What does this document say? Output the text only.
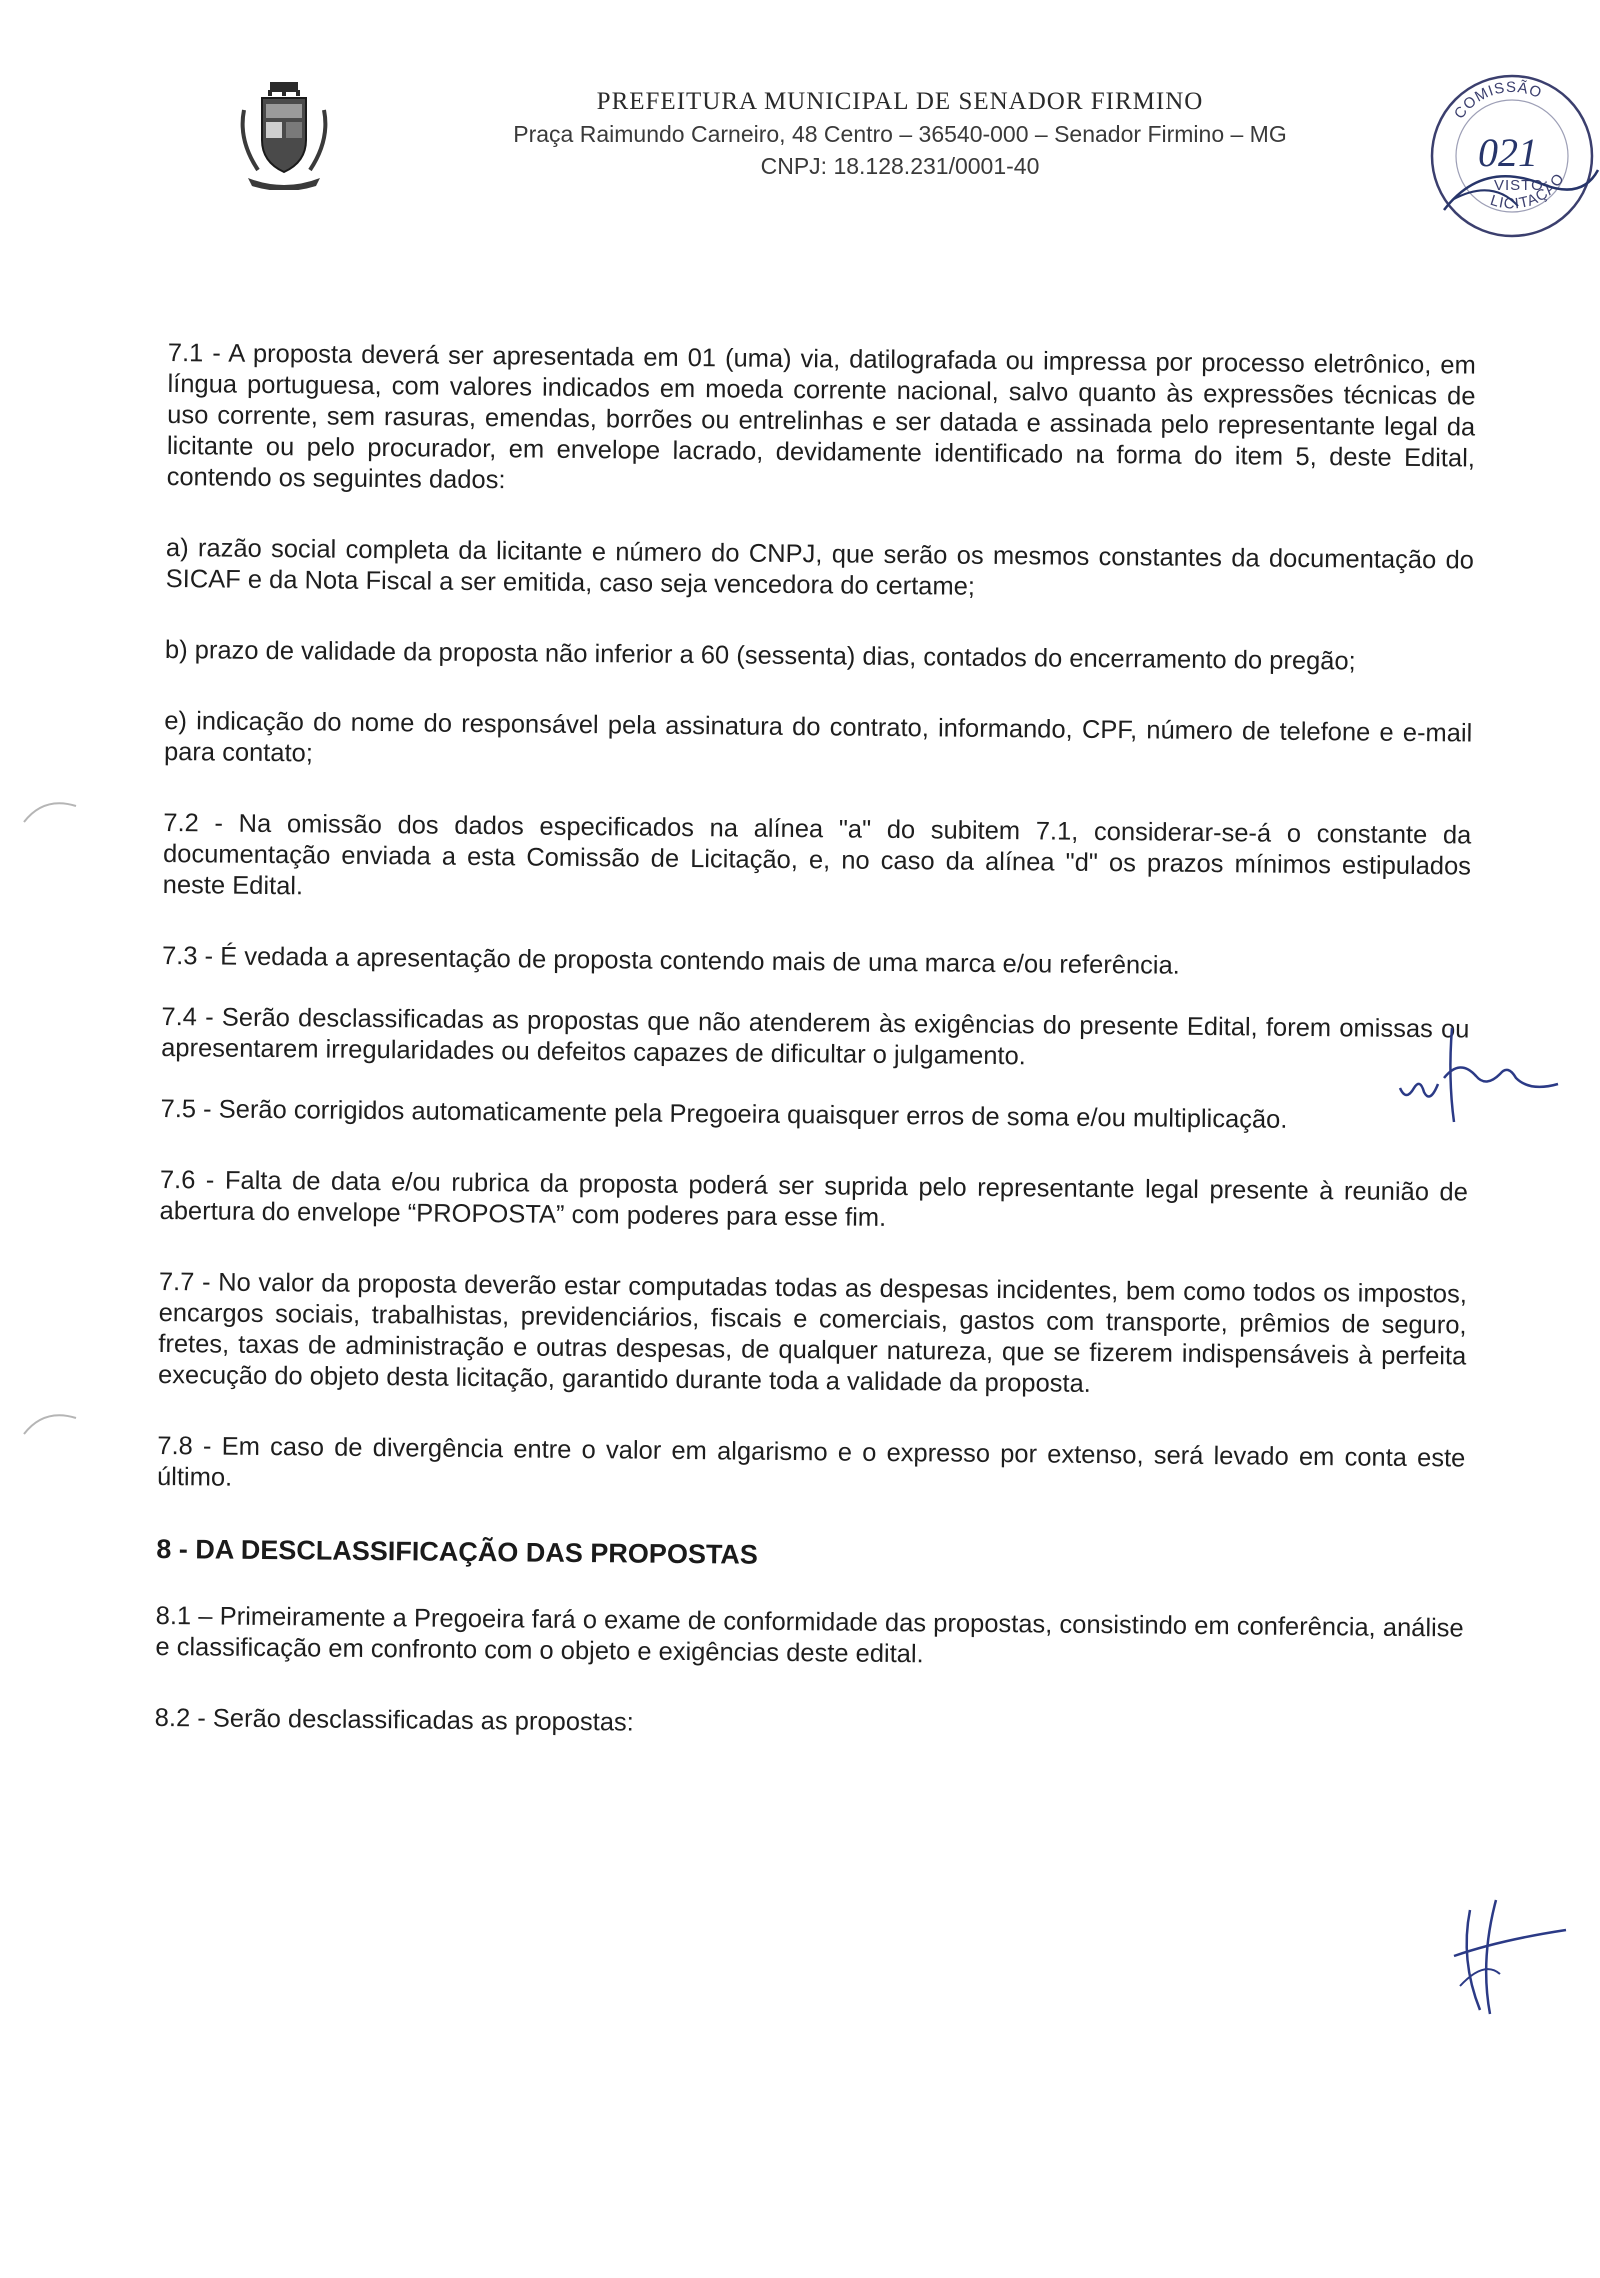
PREFEITURA MUNICIPAL DE SENADOR FIRMINO

Praça Raimundo Carneiro, 48 Centro – 36540-000 – Senador Firmino – MG

CNPJ: 18.128.231/0001-40

COMISSÃO
021
VISTO
LICITAÇÃO

7.1 - A proposta deverá ser apresentada em 01 (uma) via, datilografada ou impressa por processo eletrônico, em língua portuguesa, com valores indicados em moeda corrente nacional, salvo quanto às expressões técnicas de uso corrente, sem rasuras, emendas, borrões ou entrelinhas e ser datada e assinada pelo representante legal da licitante ou pelo procurador, em envelope lacrado, devidamente identificado na forma do item 5, deste Edital, contendo os seguintes dados:

a) razão social completa da licitante e número do CNPJ, que serão os mesmos constantes da documentação do SICAF e da Nota Fiscal a ser emitida, caso seja vencedora do certame;

b) prazo de validade da proposta não inferior a 60 (sessenta) dias, contados do encerramento do pregão;

e) indicação do nome do responsável pela assinatura do contrato, informando, CPF, número de telefone e e-mail para contato;

7.2 - Na omissão dos dados especificados na alínea "a" do subitem 7.1, considerar-se-á o constante da documentação enviada a esta Comissão de Licitação, e, no caso da alínea "d" os prazos mínimos estipulados neste Edital.

7.3 - É vedada a apresentação de proposta contendo mais de uma marca e/ou referência.

7.4 - Serão desclassificadas as propostas que não atenderem às exigências do presente Edital, forem omissas ou apresentarem irregularidades ou defeitos capazes de dificultar o julgamento.

7.5 - Serão corrigidos automaticamente pela Pregoeira quaisquer erros de soma e/ou multiplicação.

7.6 - Falta de data e/ou rubrica da proposta poderá ser suprida pelo representante legal presente à reunião de abertura do envelope “PROPOSTA” com poderes para esse fim.

7.7 - No valor da proposta deverão estar computadas todas as despesas incidentes, bem como todos os impostos, encargos sociais, trabalhistas, previdenciários, fiscais e comerciais, gastos com transporte, prêmios de seguro, fretes, taxas de administração e outras despesas, de qualquer natureza, que se fizerem indispensáveis à perfeita execução do objeto desta licitação, garantido durante toda a validade da proposta.

7.8 - Em caso de divergência entre o valor em algarismo e o expresso por extenso, será levado em conta este último.

8 - DA DESCLASSIFICAÇÃO DAS PROPOSTAS

8.1 – Primeiramente a Pregoeira fará o exame de conformidade das propostas, consistindo em conferência, análise e classificação em confronto com o objeto e exigências deste edital.

8.2 - Serão desclassificadas as propostas:
